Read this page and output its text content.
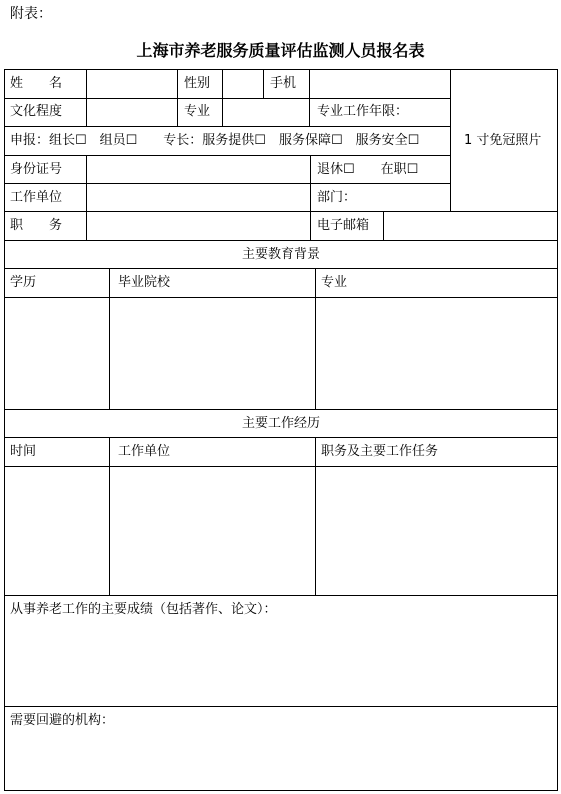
附表：
上海市养老服务质量评估监测人员报名表
姓　　名	性别	手机
文化程度	专业	专业工作年限：
申报：组长☐　组员☐　　专长：服务提供☐　服务保障☐　服务安全☐	1 寸免冠照片
身份证号	退休☐　　在职☐
工作单位	部门：
职　　务	电子邮箱
主要教育背景
学历	毕业院校	专业
主要工作经历
时间	工作单位	职务及主要工作任务
从事养老工作的主要成绩（包括著作、论文）：
需要回避的机构：
